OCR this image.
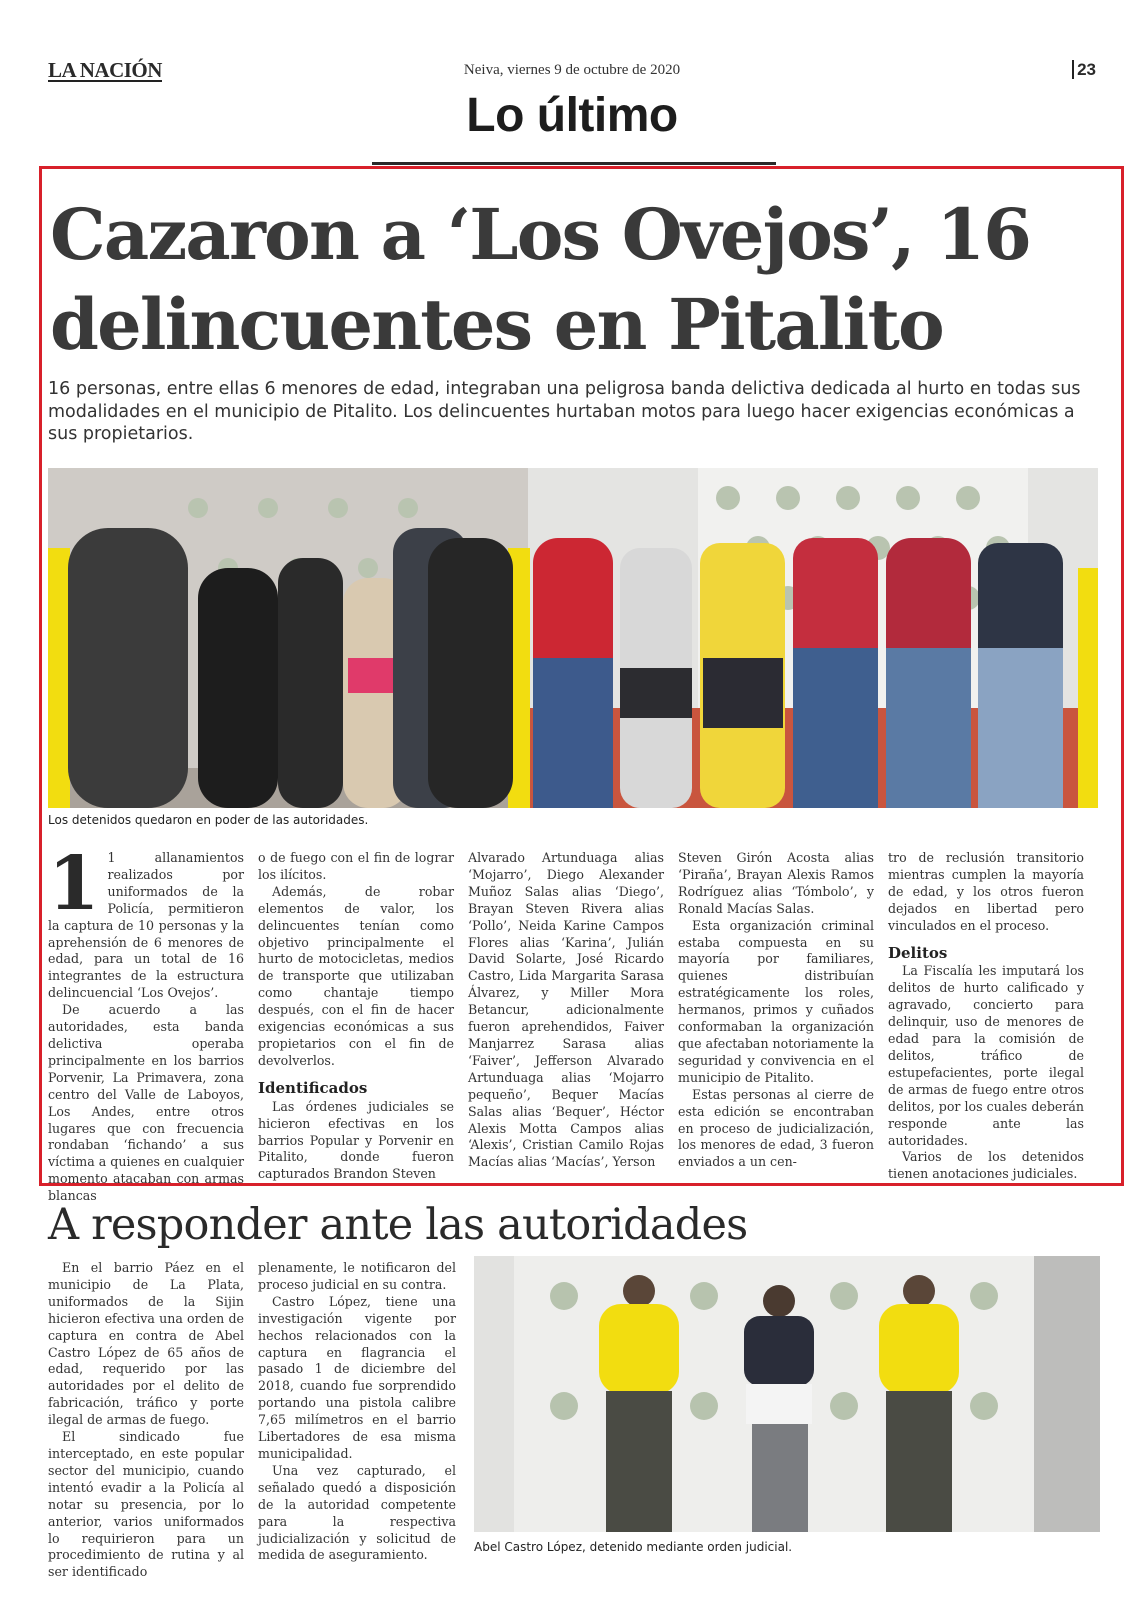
LA NACIÓN	Neiva, viernes 9 de octubre de 2020	23
Lo último
Cazaron a ‘Los Ovejos’, 16
delincuentes en Pitalito
16 personas, entre ellas 6 menores de edad, integraban una peligrosa banda delictiva dedicada al hurto en todas sus modalidades en el municipio de Pitalito. Los delincuentes hurtaban motos para luego hacer exigencias económicas a sus propietarios.
Los detenidos quedaron en poder de las autoridades.
1 1 allanamientos realizados por uniformados de la Policía, permitieron la captura de 10 personas y la aprehensión de 6 menores de edad, para un total de 16 integrantes de la estructura delincuencial ‘Los Ovejos’.

De acuerdo a las autoridades, esta banda delictiva operaba principalmente en los barrios Porvenir, La Primavera, zona centro del Valle de Laboyos, Los Andes, entre otros lugares que con frecuencia rondaban ‘fichando’ a sus víctima a quienes en cualquier momento atacaban con armas blancas

o de fuego con el fin de lograr los ilícitos.

Además, de robar elementos de valor, los delincuentes tenían como objetivo principalmente el hurto de motocicletas, medios de transporte que utilizaban como chantaje tiempo después, con el fin de hacer exigencias económicas a sus propietarios con el fin de devolverlos.

Identificados

Las órdenes judiciales se hicieron efectivas en los barrios Popular y Porvenir en Pitalito, donde fueron capturados Brandon Steven

Alvarado Artunduaga alias ‘Mojarro’, Diego Alexander Muñoz Salas alias ‘Diego’, Brayan Steven Rivera alias ‘Pollo’, Neida Karine Campos Flores alias ‘Karina’, Julián David Solarte, José Ricardo Castro, Lida Margarita Sarasa Álvarez, y Miller Mora Betancur, adicionalmente fueron aprehendidos, Faiver Manjarrez Sarasa alias ‘Faiver’, Jefferson Alvarado Artunduaga alias ‘Mojarro pequeño’, Bequer Macías Salas alias ‘Bequer’, Héctor Alexis Motta Campos alias ‘Alexis’, Cristian Camilo Rojas Macías alias ‘Macías’, Yerson

Steven Girón Acosta alias ‘Piraña’, Brayan Alexis Ramos Rodríguez alias ‘Tómbolo’, y Ronald Macías Salas.

Esta organización criminal estaba compuesta en su mayoría por familiares, quienes distribuían estratégicamente los roles, hermanos, primos y cuñados conformaban la organización que afectaban notoriamente la seguridad y convivencia en el municipio de Pitalito.

Estas personas al cierre de esta edición se encontraban en proceso de judicialización, los menores de edad, 3 fueron enviados a un cen-

tro de reclusión transitorio mientras cumplen la mayoría de edad, y los otros fueron dejados en libertad pero vinculados en el proceso.

Delitos

La Fiscalía les imputará los delitos de hurto calificado y agravado, concierto para delinquir, uso de menores de edad para la comisión de delitos, tráfico de estupefacientes, porte ilegal de armas de fuego entre otros delitos, por los cuales deberán responde ante las autoridades.

Varios de los detenidos tienen anotaciones judiciales.

A responder ante las autoridades

En el barrio Páez en el municipio de La Plata, uniformados de la Sijin hicieron efectiva una orden de captura en contra de Abel Castro López de 65 años de edad, requerido por las autoridades por el delito de fabricación, tráfico y porte ilegal de armas de fuego.

El sindicado fue interceptado, en este popular sector del municipio, cuando intentó evadir a la Policía al notar su presencia, por lo anterior, varios uniformados lo requirieron para un procedimiento de rutina y al ser identificado

plenamente, le notificaron del proceso judicial en su contra.

Castro López, tiene una investigación vigente por hechos relacionados con la captura en flagrancia el pasado 1 de diciembre del 2018, cuando fue sorprendido portando una pistola calibre 7,65 milímetros en el barrio Libertadores de esa misma municipalidad.

Una vez capturado, el señalado quedó a disposición de la autoridad competente para la respectiva judicialización y solicitud de medida de aseguramiento.

Abel Castro López, detenido mediante orden judicial.
